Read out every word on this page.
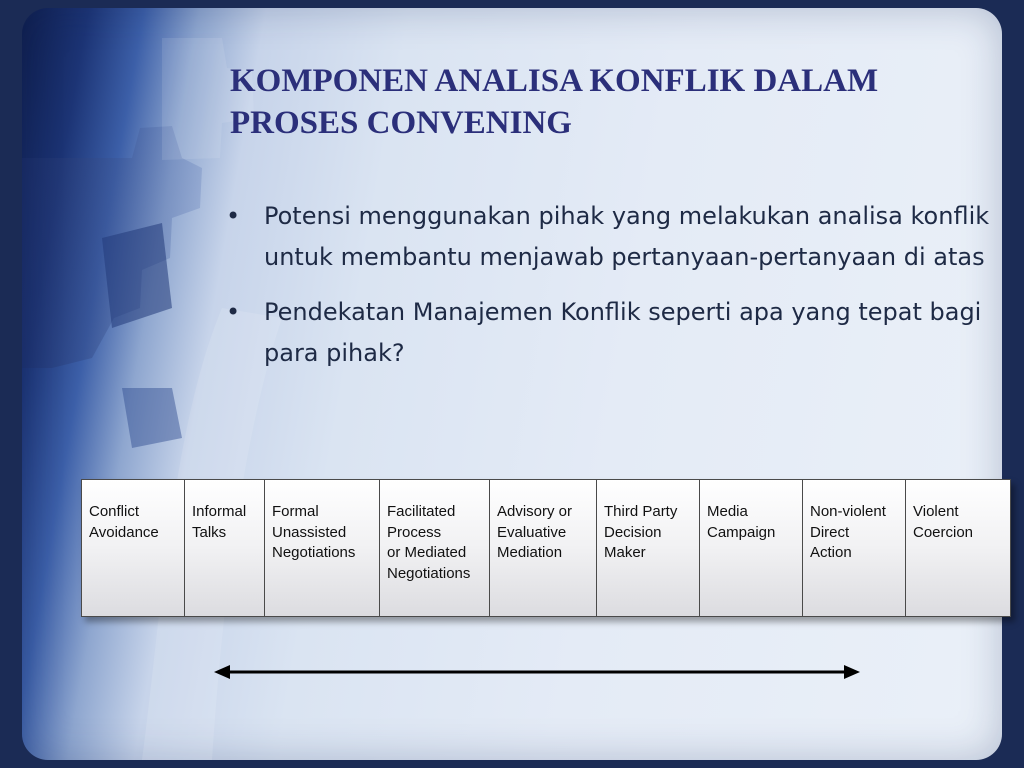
KOMPONEN ANALISA KONFLIK DALAM PROSES CONVENING
• Potensi menggunakan pihak yang melakukan analisa konflik untuk membantu menjawab pertanyaan-pertanyaan di atas
• Pendekatan Manajemen Konflik seperti apa yang tepat bagi para pihak?
Conflict
Avoidance
Informal
Talks
Formal
Unassisted
Negotiations
Facilitated
Process
or Mediated
Negotiations
Advisory or
Evaluative
Mediation
Third Party
Decision
Maker
Media
Campaign
Non-violent
Direct
Action
Violent
Coercion
